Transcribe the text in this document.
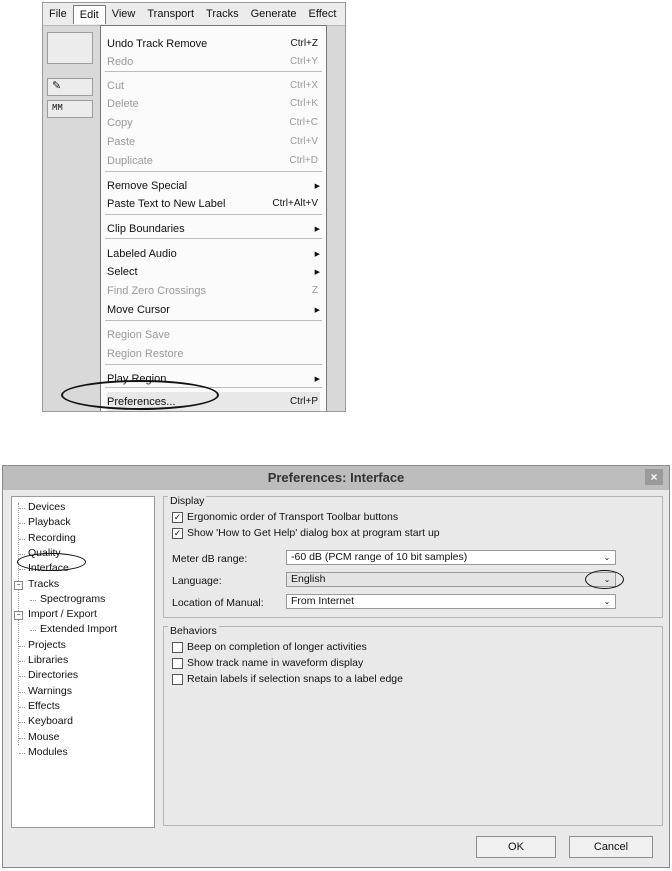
File	Edit	View	Transport	Tracks	Generate	Effect
✎
MM
Undo Track Remove	Ctrl+Z
Redo	Ctrl+Y
Cut	Ctrl+X
Delete	Ctrl+K
Copy	Ctrl+C
Paste	Ctrl+V
Duplicate	Ctrl+D
Remove Special	▶
Paste Text to New Label	Ctrl+Alt+V
Clip Boundaries	▶
Labeled Audio	▶
Select	▶
Find Zero Crossings	Z
Move Cursor	▶
Region Save
Region Restore
Play Region	▶
Preferences...	Ctrl+P
Preferences: Interface	×
Devices
Playback
Recording
Quality
Interface
− Tracks
Spectrograms
− Import / Export
Extended Import
Projects
Libraries
Directories
Warnings
Effects
Keyboard
Mouse
Modules
Display
✓ Ergonomic order of Transport Toolbar buttons
✓ Show 'How to Get Help' dialog box at program start up
Meter dB range:	-60 dB (PCM range of 10 bit samples)	⌄
Language:	English	⌄
Location of Manual:	From Internet	⌄
Behaviors
Beep on completion of longer activities
Show track name in waveform display
Retain labels if selection snaps to a label edge
OK	Cancel
